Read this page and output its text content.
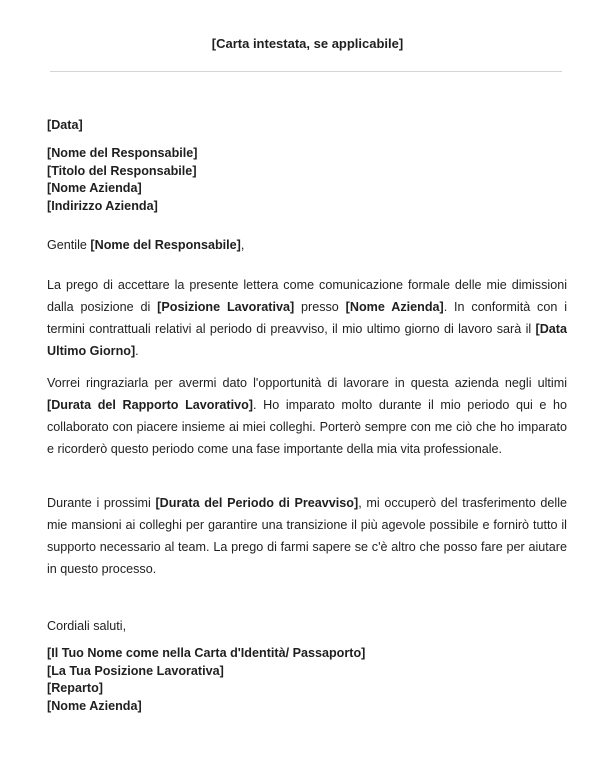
[Carta intestata, se applicabile]
[Data]
[Nome del Responsabile]
[Titolo del Responsabile]
[Nome Azienda]
[Indirizzo Azienda]
Gentile [Nome del Responsabile],

La prego di accettare la presente lettera come comunicazione formale delle mie dimissioni dalla posizione di [Posizione Lavorativa] presso [Nome Azienda]. In conformità con i termini contrattuali relativi al periodo di preavviso, il mio ultimo giorno di lavoro sarà il [Data Ultimo Giorno].

Vorrei ringraziarla per avermi dato l'opportunità di lavorare in questa azienda negli ultimi [Durata del Rapporto Lavorativo]. Ho imparato molto durante il mio periodo qui e ho collaborato con piacere insieme ai miei colleghi. Porterò sempre con me ciò che ho imparato e ricorderò questo periodo come una fase importante della mia vita professionale.

Durante i prossimi [Durata del Periodo di Preavviso], mi occuperò del trasferimento delle mie mansioni ai colleghi per garantire una transizione il più agevole possibile e fornirò tutto il supporto necessario al team. La prego di farmi sapere se c'è altro che posso fare per aiutare in questo processo.

Cordiali saluti,
[Il Tuo Nome come nella Carta d'Identità/ Passaporto]
[La Tua Posizione Lavorativa]
[Reparto]
[Nome Azienda]
